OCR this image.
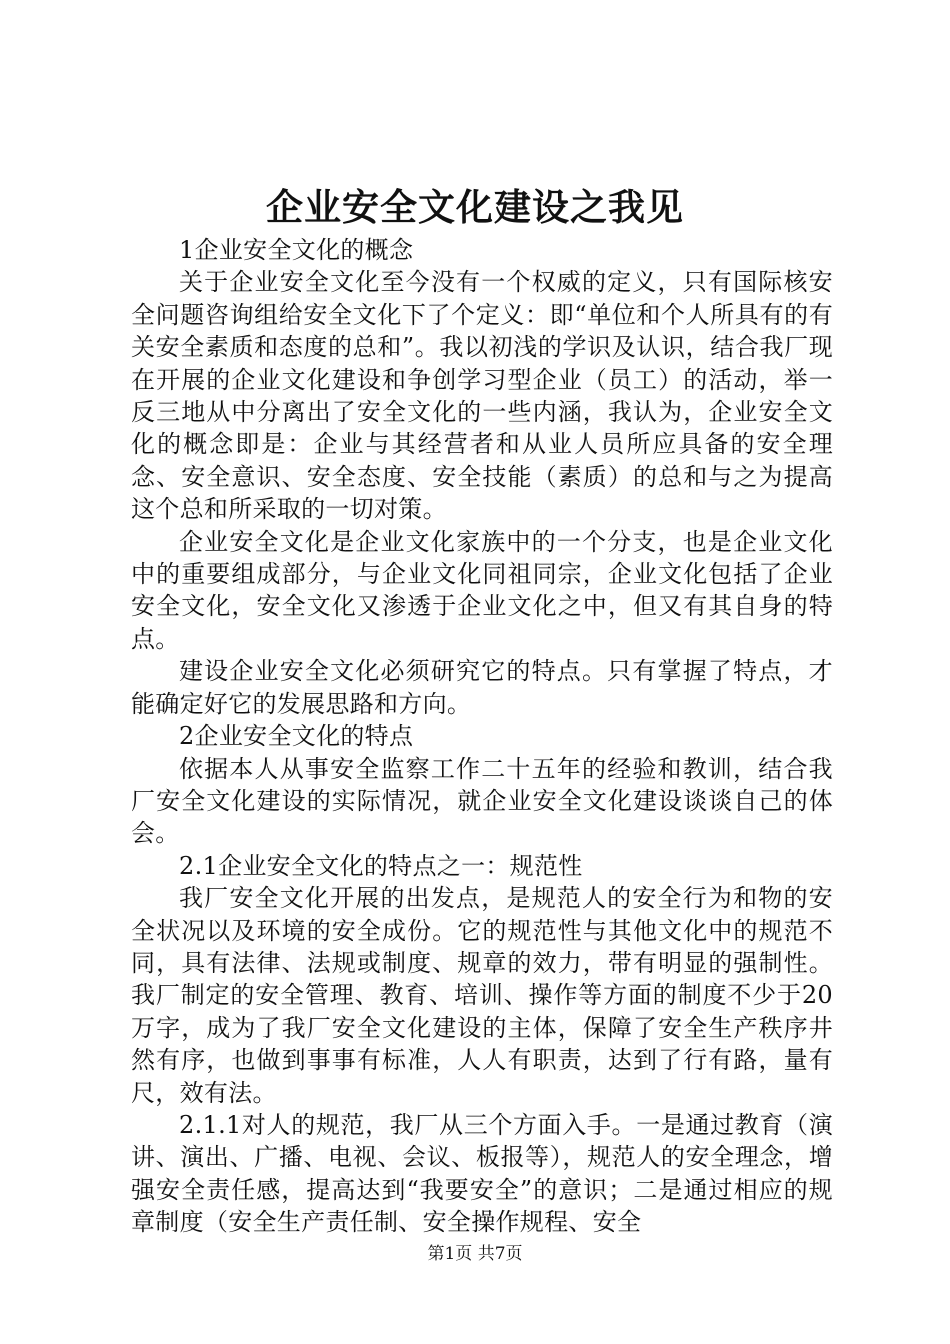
企业安全文化建设之我见

1企业安全文化的概念

关于企业安全文化至今没有一个权威的定义，只有国际核安全问题咨询组给安全文化下了个定义：即“单位和个人所具有的有关安全素质和态度的总和”。我以初浅的学识及认识，结合我厂现在开展的企业文化建设和争创学习型企业（员工）的活动，举一反三地从中分离出了安全文化的一些内涵，我认为，企业安全文化的概念即是：企业与其经营者和从业人员所应具备的安全理念、安全意识、安全态度、安全技能（素质）的总和与之为提高这个总和所采取的一切对策。

企业安全文化是企业文化家族中的一个分支，也是企业文化中的重要组成部分，与企业文化同祖同宗，企业文化包括了企业安全文化，安全文化又渗透于企业文化之中，但又有其自身的特点。

建设企业安全文化必须研究它的特点。只有掌握了特点，才能确定好它的发展思路和方向。

2企业安全文化的特点

依据本人从事安全监察工作二十五年的经验和教训，结合我厂安全文化建设的实际情况，就企业安全文化建设谈谈自己的体会。

2.1企业安全文化的特点之一：规范性

我厂安全文化开展的出发点，是规范人的安全行为和物的安全状况以及环境的安全成份。它的规范性与其他文化中的规范不同，具有法律、法规或制度、规章的效力，带有明显的强制性。我厂制定的安全管理、教育、培训、操作等方面的制度不少于20万字，成为了我厂安全文化建设的主体，保障了安全生产秩序井然有序，也做到事事有标准，人人有职责，达到了行有路，量有尺，效有法。

2.1.1对人的规范，我厂从三个方面入手。一是通过教育（演讲、演出、广播、电视、会议、板报等），规范人的安全理念，增强安全责任感，提高达到“我要安全”的意识；二是通过相应的规章制度（安全生产责任制、安全操作规程、安全

第1页 共7页
